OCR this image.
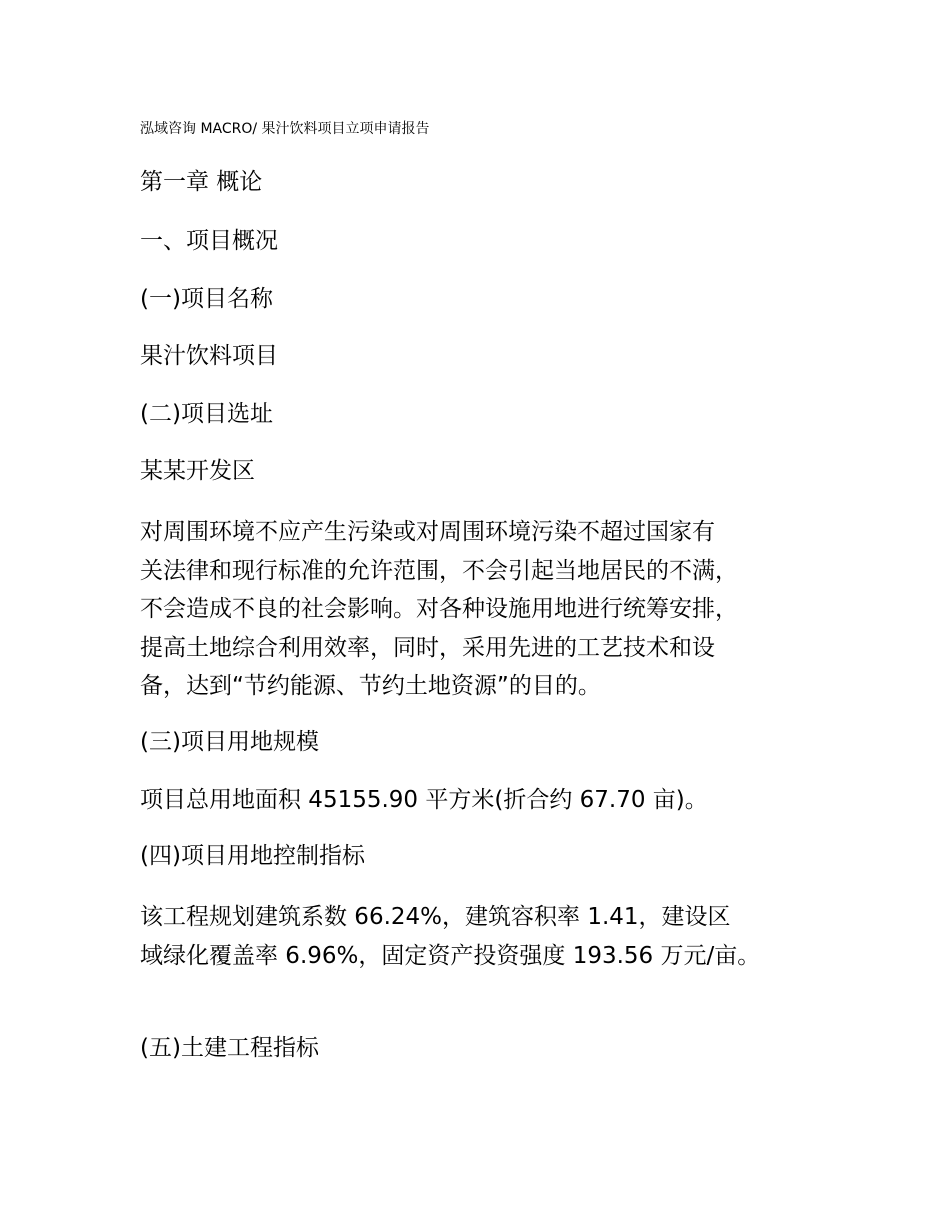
泓域咨询 MACRO/ 果汁饮料项目立项申请报告
第一章 概论
一、项目概况
(一)项目名称

果汁饮料项目

(二)项目选址

某某开发区

对周围环境不应产生污染或对周围环境污染不超过国家有
关法律和现行标准的允许范围，不会引起当地居民的不满，
不会造成不良的社会影响。对各种设施用地进行统筹安排，
提高土地综合利用效率，同时，采用先进的工艺技术和设
备，达到“节约能源、节约土地资源”的目的。

(三)项目用地规模

项目总用地面积 45155.90 平方米(折合约 67.70 亩)。

(四)项目用地控制指标

该工程规划建筑系数 66.24%，建筑容积率 1.41，建设区
域绿化覆盖率 6.96%，固定资产投资强度 193.56 万元/亩。

(五)土建工程指标
